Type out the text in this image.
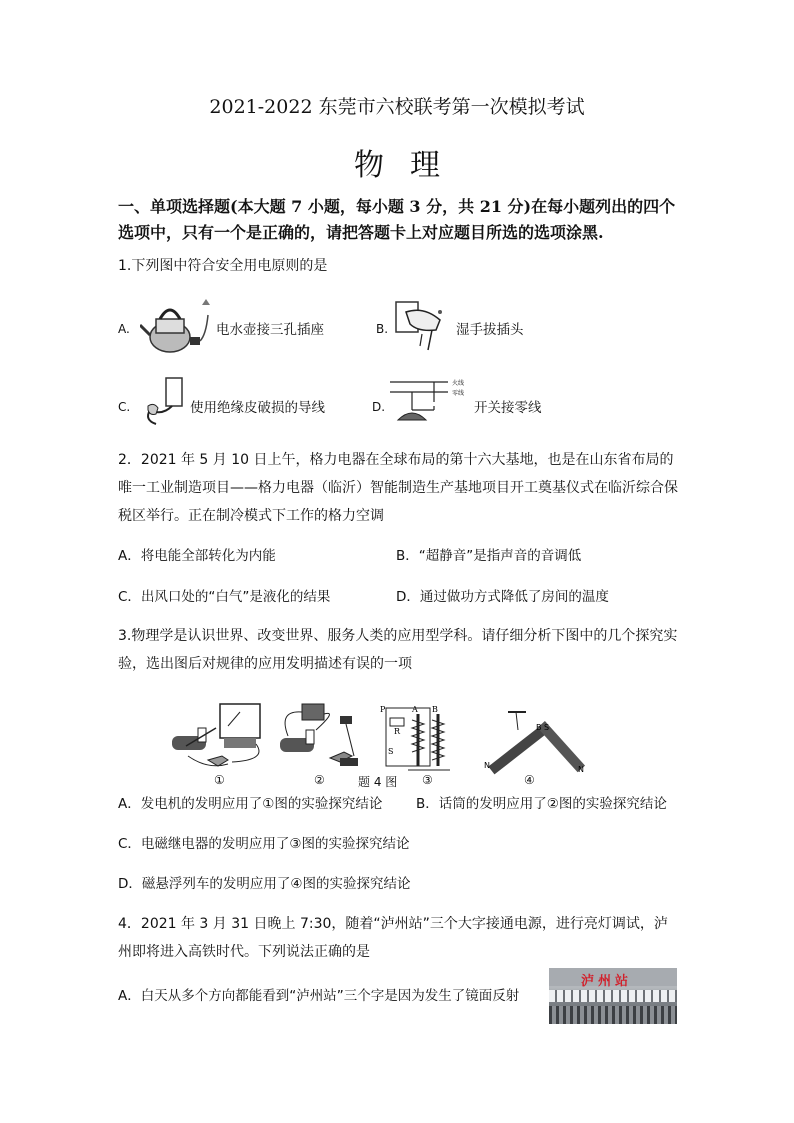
2021-2022 东莞市六校联考第一次模拟考试
物理
一、单项选择题(本大题 7 小题，每小题 3 分，共 21 分)在每小题列出的四个选项中，只有一个是正确的，请把答题卡上对应题目所选的选项涂黑.
1.下列图中符合安全用电原则的是
A.	电水壶接三孔插座	B.	湿手拔插头
C.	使用绝缘皮破损的导线	D.
火线
零线
开关接零线
2．2021 年 5 月 10 日上午，格力电器在全球布局的第十六大基地，也是在山东省布局的唯一工业制造项目——格力电器（临沂）智能制造生产基地项目开工奠基仪式在临沂综合保税区举行。正在制冷模式下工作的格力空调
A．将电能全部转化为内能	B．“超静音”是指声音的音调低
C．出风口处的“白气”是液化的结果	D．通过做功方式降低了房间的温度
3.物理学是认识世界、改变世界、服务人类的应用型学科。请仔细分析下图中的几个探究实验，选出图后对规律的应用发明描述有误的一项
P	A B
R
S
B S
N	N
①	②	题 4 图 ③	④
A．发电机的发明应用了①图的实验探究结论 B．话筒的发明应用了②图的实验探究结论
C．电磁继电器的发明应用了③图的实验探究结论
D．磁悬浮列车的发明应用了④图的实验探究结论
4．2021 年 3 月 31 日晚上 7:30，随着“泸州站”三个大字接通电源，进行亮灯调试，泸州即将进入高铁时代。下列说法正确的是
A．白天从多个方向都能看到“泸州站”三个字是因为发生了镜面反射
泸州站
